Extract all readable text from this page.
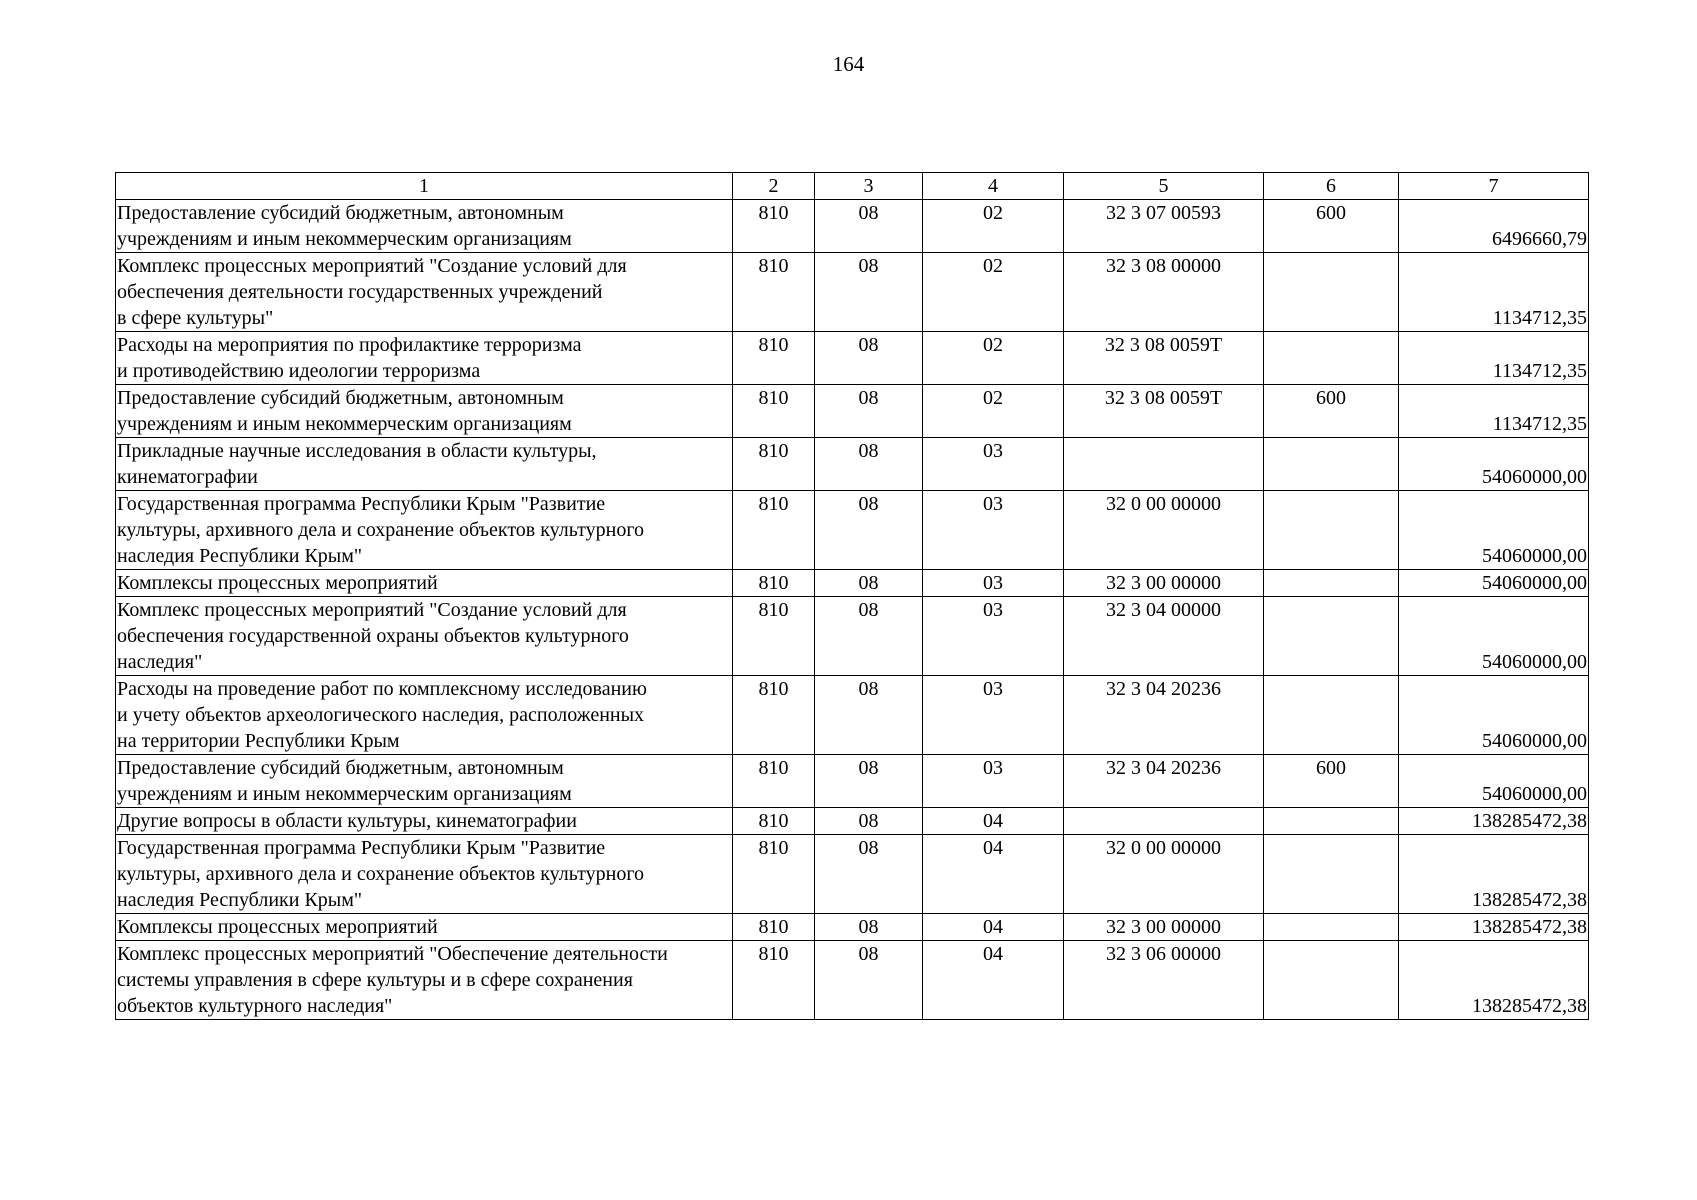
164
1	2	3	4	5	6	7
Предоставление субсидий бюджетным, автономным
учреждениям и иным некоммерческим организациям	810	08	02	32 3 07 00593	600	6496660,79
Комплекс процессных мероприятий "Создание условий для
обеспечения деятельности государственных учреждений
в сфере культуры"	810	08	02	32 3 08 00000		1134712,35
Расходы на мероприятия по профилактике терроризма
и противодействию идеологии терроризма	810	08	02	32 3 08 0059Т		1134712,35
Предоставление субсидий бюджетным, автономным
учреждениям и иным некоммерческим организациям	810	08	02	32 3 08 0059Т	600	1134712,35
Прикладные научные исследования в области культуры,
кинематографии	810	08	03			54060000,00
Государственная программа Республики Крым "Развитие
культуры, архивного дела и сохранение объектов культурного
наследия Республики Крым"	810	08	03	32 0 00 00000		54060000,00
Комплексы процессных мероприятий	810	08	03	32 3 00 00000		54060000,00
Комплекс процессных мероприятий "Создание условий для
обеспечения государственной охраны объектов культурного
наследия"	810	08	03	32 3 04 00000		54060000,00
Расходы на проведение работ по комплексному исследованию
и учету объектов археологического наследия, расположенных
на территории Республики Крым	810	08	03	32 3 04 20236		54060000,00
Предоставление субсидий бюджетным, автономным
учреждениям и иным некоммерческим организациям	810	08	03	32 3 04 20236	600	54060000,00
Другие вопросы в области культуры, кинематографии	810	08	04			138285472,38
Государственная программа Республики Крым "Развитие
культуры, архивного дела и сохранение объектов культурного
наследия Республики Крым"	810	08	04	32 0 00 00000		138285472,38
Комплексы процессных мероприятий	810	08	04	32 3 00 00000		138285472,38
Комплекс процессных мероприятий "Обеспечение деятельности
системы управления в сфере культуры и в сфере сохранения
объектов культурного наследия"	810	08	04	32 3 06 00000		138285472,38
